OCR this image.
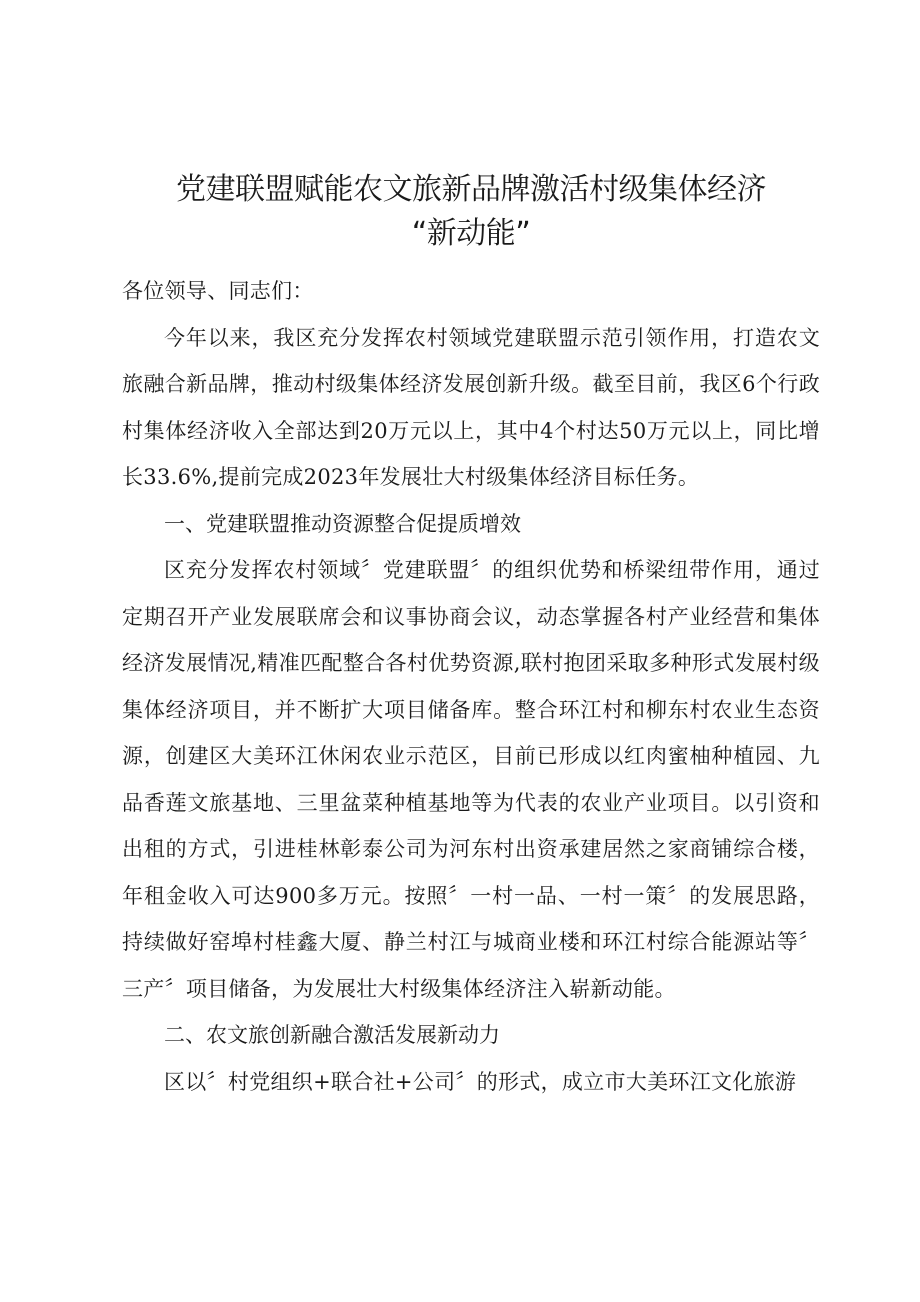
党建联盟赋能农文旅新品牌激活村级集体经济
“新动能”

各位领导、同志们：

今年以来，我区充分发挥农村领域党建联盟示范引领作用，打造农文旅融合新品牌，推动村级集体经济发展创新升级。截至目前，我区6个行政村集体经济收入全部达到20万元以上，其中4个村达50万元以上，同比增长33.6%,提前完成2023年发展壮大村级集体经济目标任务。

一、党建联盟推动资源整合促提质增效

区充分发挥农村领域〞党建联盟〞的组织优势和桥梁纽带作用，通过定期召开产业发展联席会和议事协商会议，动态掌握各村产业经营和集体经济发展情况,精准匹配整合各村优势资源,联村抱团采取多种形式发展村级集体经济项目，并不断扩大项目储备库。整合环江村和柳东村农业生态资源，创建区大美环江休闲农业示范区，目前已形成以红肉蜜柚种植园、九品香莲文旅基地、三里盆菜种植基地等为代表的农业产业项目。以引资和出租的方式，引进桂林彰泰公司为河东村出资承建居然之家商铺综合楼，年租金收入可达900多万元。按照〞一村一品、一村一策〞的发展思路，持续做好窑埠村桂鑫大厦、静兰村江与城商业楼和环江村综合能源站等〞三产〞项目储备，为发展壮大村级集体经济注入崭新动能。

二、农文旅创新融合激活发展新动力

区以〞村党组织+联合社+公司〞的形式，成立市大美环江文化旅游
